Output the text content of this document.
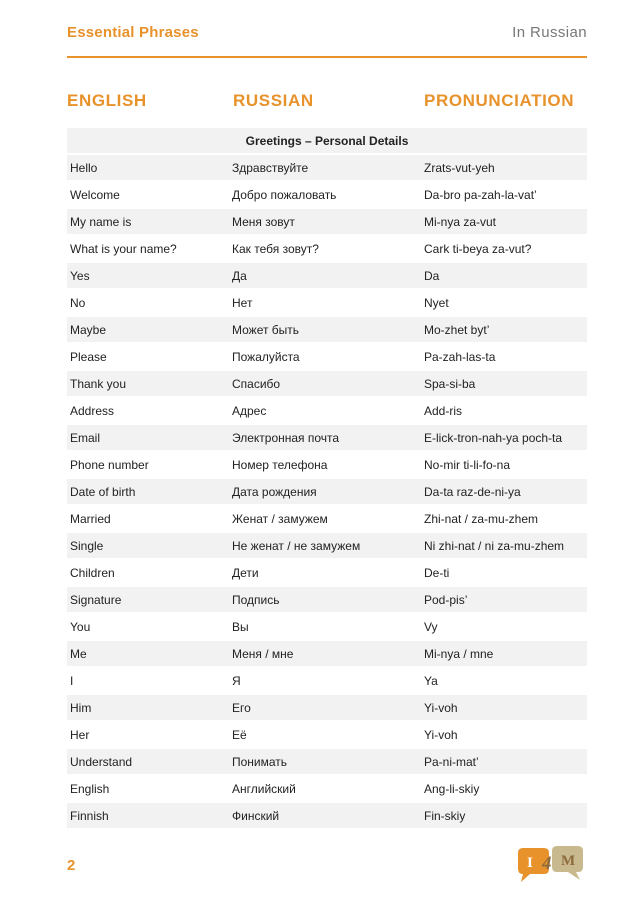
Essential Phrases	In Russian
ENGLISH	RUSSIAN	PRONUNCIATION
Greetings – Personal Details		
Hello	Здравствуйте	Zrats-vut-yeh
Welcome	Добро пожаловать	Da-bro pa-zah-la-vat’
My name is	Меня зовут	Mi-nya za-vut
What is your name?	Как тебя зовут?	Cark ti-beya za-vut?
Yes	Да	Da
No	Нет	Nyet
Maybe	Может быть	Mo-zhet byt’
Please	Пожалуйста	Pa-zah-las-ta
Thank you	Спасибо	Spa-si-ba
Address	Адрес	Add-ris
Email	Электронная почта	E-lick-tron-nah-ya poch-ta
Phone number	Номер телефона	No-mir ti-li-fo-na
Date of birth	Дата рождения	Da-ta raz-de-ni-ya
Married	Женат / замужем	Zhi-nat / za-mu-zhem
Single	Не женат / не замужем	Ni zhi-nat / ni za-mu-zhem
Children	Дети	De-ti
Signature	Подпись	Pod-pis’
You	Вы	Vy
Me	Меня / мне	Mi-nya / mne
I	Я	Ya
Him	Его	Yi-voh
Her	Её	Yi-voh
Understand	Понимать	Pa-ni-mat’
English	Английский	Ang-li-skiy
Finnish	Финский	Fin-skiy
2	I 4 M
